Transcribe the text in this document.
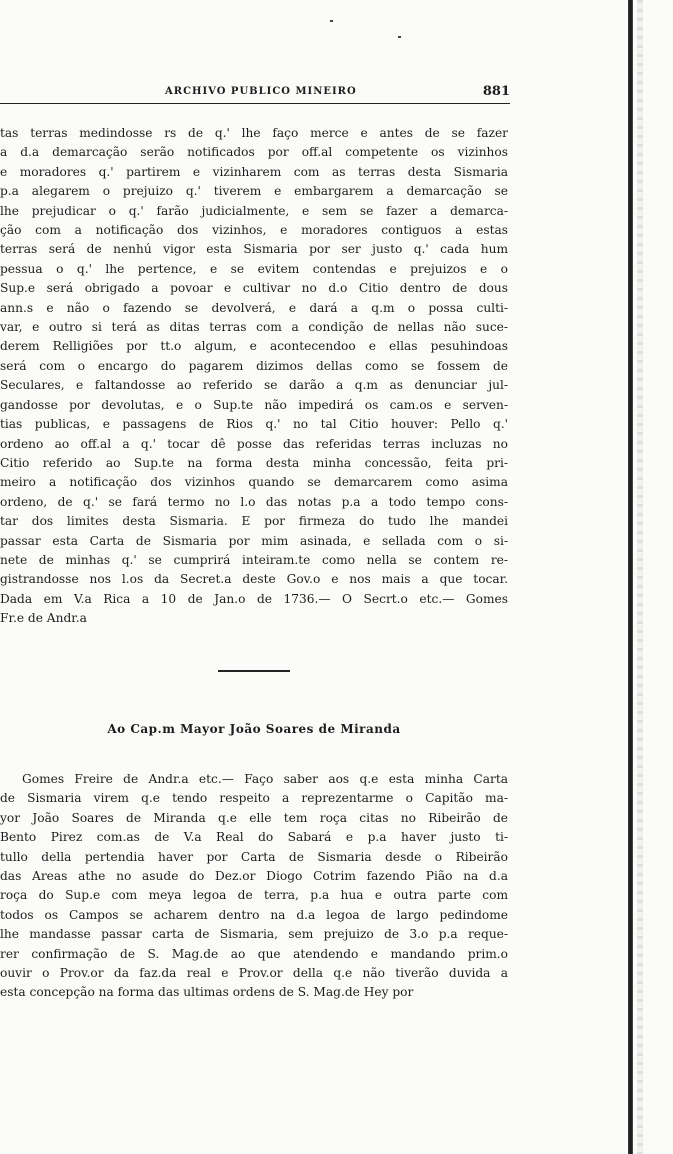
ARCHIVO PUBLICO MINEIRO	881
tas terras medindosse rs de q.' lhe faço merce e antes de se fazer
a d.a demarcação serão notificados por off.al competente os vizinhos
e moradores q.' partirem e vizinharem com as terras desta Sismaria
p.a alegarem o prejuizo q.' tiverem e embargarem a demarcação se
lhe prejudicar o q.' farão judicialmente, e sem se fazer a demarca-
ção com a notificação dos vizinhos, e moradores contiguos a estas
terras será de nenhú vigor esta Sismaria por ser justo q.' cada hum
pessua o q.' lhe pertence, e se evitem contendas e prejuizos e o
Sup.e será obrigado a povoar e cultivar no d.o Citio dentro de dous
ann.s e não o fazendo se devolverá, e dará a q.m o possa culti-
var, e outro si terá as ditas terras com a condição de nellas não suce-
derem Relligiões por tt.o algum, e acontecendoo e ellas pesuhindoas
será com o encargo do pagarem dizimos dellas como se fossem de
Seculares, e faltandosse ao referido se darão a q.m as denunciar jul-
gandosse por devolutas, e o Sup.te não impedirá os cam.os e serven-
tias publicas, e passagens de Rios q.' no tal Citio houver: Pello q.'
ordeno ao off.al a q.' tocar dê posse das referidas terras incluzas no
Citio referido ao Sup.te na forma desta minha concessão, feita pri-
meiro a notificação dos vizinhos quando se demarcarem como asima
ordeno, de q.' se fará termo no l.o das notas p.a a todo tempo cons-
tar dos limites desta Sismaria. E por firmeza do tudo lhe mandei
passar esta Carta de Sismaria por mim asinada, e sellada com o si-
nete de minhas q.' se cumprirá inteiram.te como nella se contem re-
gistrandosse nos l.os da Secret.a deste Gov.o e nos mais a que tocar.
Dada em V.a Rica a 10 de Jan.o de 1736.— O Secrt.o etc.— Gomes
Fr.e de Andr.a
Ao Cap.m Mayor João Soares de Miranda
Gomes Freire de Andr.a etc.— Faço saber aos q.e esta minha Carta
de Sismaria virem q.e tendo respeito a reprezentarme o Capitão ma-
yor João Soares de Miranda q.e elle tem roça citas no Ribeirão de
Bento Pirez com.as de V.a Real do Sabará e p.a haver justo ti-
tullo della pertendia haver por Carta de Sismaria desde o Ribeirão
das Areas athe no asude do Dez.or Diogo Cotrim fazendo Pião na d.a
roça do Sup.e com meya legoa de terra, p.a hua e outra parte com
todos os Campos se acharem dentro na d.a legoa de largo pedindome
lhe mandasse passar carta de Sismaria, sem prejuizo de 3.o p.a reque-
rer confirmação de S. Mag.de ao que atendendo e mandando prim.o
ouvir o Prov.or da faz.da real e Prov.or della q.e não tiverão duvida a
esta concepção na forma das ultimas ordens de S. Mag.de Hey por
